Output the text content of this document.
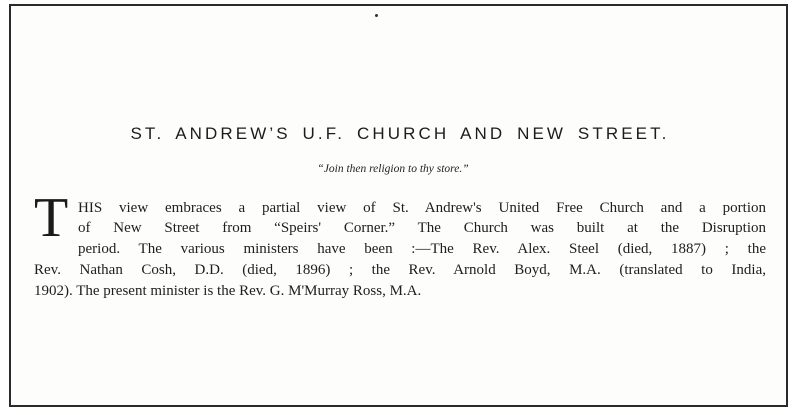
ST. ANDREW’S U.F. CHURCH AND NEW STREET.
“Join then religion to thy store.”
T HIS view embraces a partial view of St. Andrew's United Free Church and a portion
of New Street from “Speirs' Corner.” The Church was built at the Disruption
period. The various ministers have been :—The Rev. Alex. Steel (died, 1887) ; the
Rev. Nathan Cosh, D.D. (died, 1896) ; the Rev. Arnold Boyd, M.A. (translated to India,
1902). The present minister is the Rev. G. M'Murray Ross, M.A.
